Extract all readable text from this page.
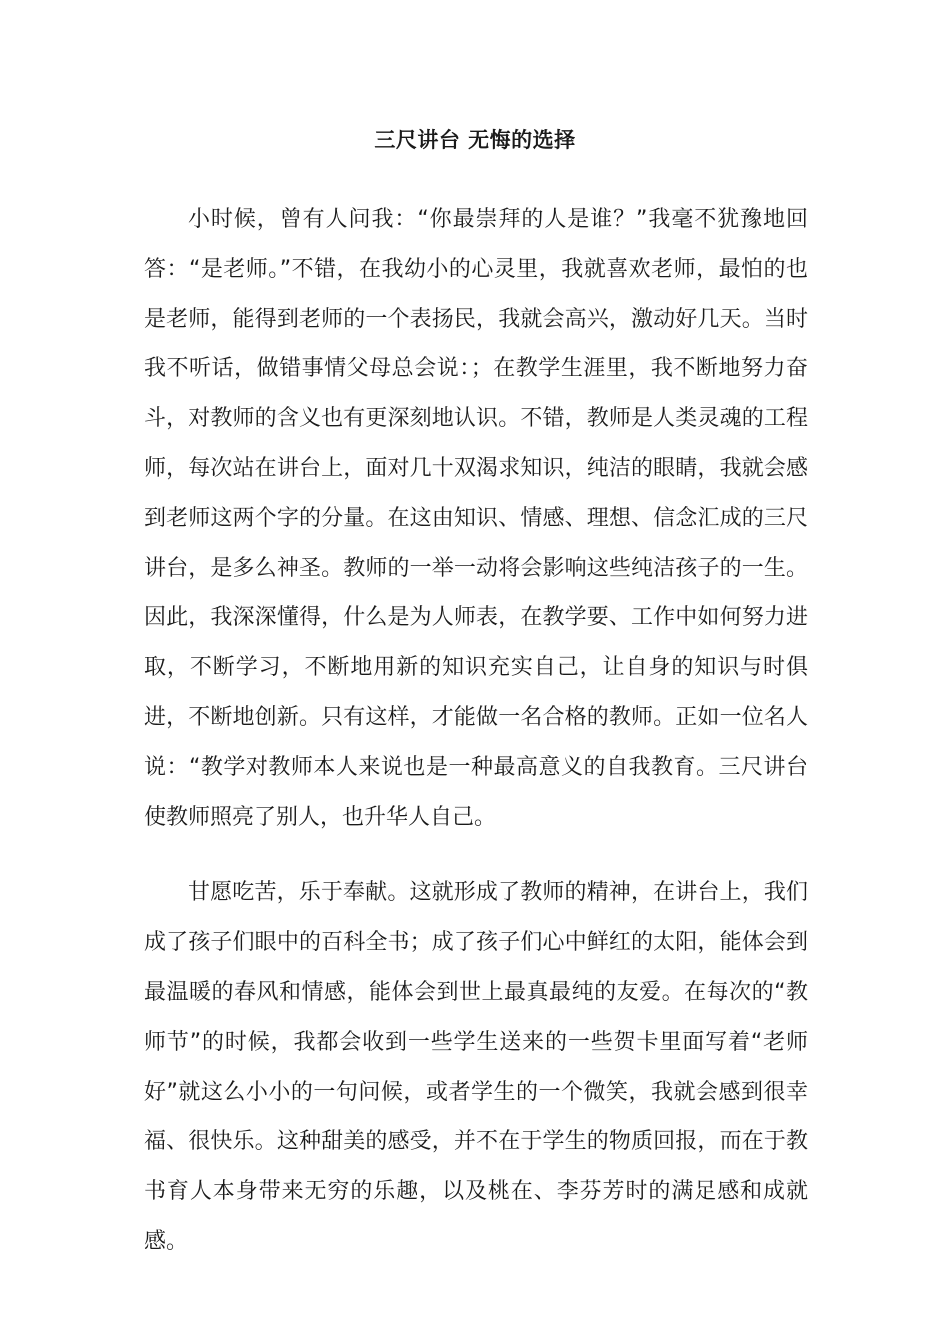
三尺讲台 无悔的选择

小时候，曾有人问我：“你最崇拜的人是谁？”我毫不犹豫地回答：“是老师。”不错，在我幼小的心灵里，我就喜欢老师，最怕的也是老师，能得到老师的一个表扬民，我就会高兴，激动好几天。当时我不听话，做错事情父母总会说：；在教学生涯里，我不断地努力奋斗，对教师的含义也有更深刻地认识。不错，教师是人类灵魂的工程师，每次站在讲台上，面对几十双渴求知识，纯洁的眼睛，我就会感到老师这两个字的分量。在这由知识、情感、理想、信念汇成的三尺讲台，是多么神圣。教师的一举一动将会影响这些纯洁孩子的一生。因此，我深深懂得，什么是为人师表，在教学要、工作中如何努力进取，不断学习，不断地用新的知识充实自己，让自身的知识与时俱进，不断地创新。只有这样，才能做一名合格的教师。正如一位名人说：“教学对教师本人来说也是一种最高意义的自我教育。三尺讲台使教师照亮了别人，也升华人自己。

甘愿吃苦，乐于奉献。这就形成了教师的精神，在讲台上，我们成了孩子们眼中的百科全书；成了孩子们心中鲜红的太阳，能体会到最温暖的春风和情感，能体会到世上最真最纯的友爱。在每次的“教师节”的时候，我都会收到一些学生送来的一些贺卡里面写着“老师好”就这么小小的一句问候，或者学生的一个微笑，我就会感到很幸福、很快乐。这种甜美的感受，并不在于学生的物质回报，而在于教书育人本身带来无穷的乐趣，以及桃在、李芬芳时的满足感和成就感。
